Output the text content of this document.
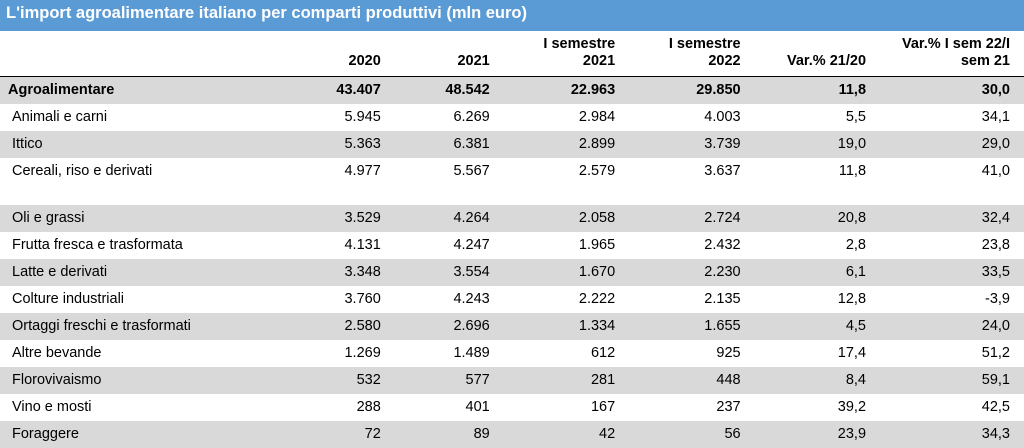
L'import agroalimentare italiano per comparti produttivi (mln euro)
	2020	2021	I semestre 2021	I semestre 2022	Var.% 21/20	Var.% I sem 22/I sem 21
Agroalimentare	43.407	48.542	22.963	29.850	11,8	30,0
Animali e carni	5.945	6.269	2.984	4.003	5,5	34,1
Ittico	5.363	6.381	2.899	3.739	19,0	29,0
Cereali, riso e derivati	4.977	5.567	2.579	3.637	11,8	41,0

Oli e grassi	3.529	4.264	2.058	2.724	20,8	32,4
Frutta fresca e trasformata	4.131	4.247	1.965	2.432	2,8	23,8
Latte e derivati	3.348	3.554	1.670	2.230	6,1	33,5
Colture industriali	3.760	4.243	2.222	2.135	12,8	-3,9
Ortaggi freschi e trasformati	2.580	2.696	1.334	1.655	4,5	24,0
Altre bevande	1.269	1.489	612	925	17,4	51,2
Florovivaismo	532	577	281	448	8,4	59,1
Vino e mosti	288	401	167	237	39,2	42,5
Foraggere	72	89	42	56	23,9	34,3
